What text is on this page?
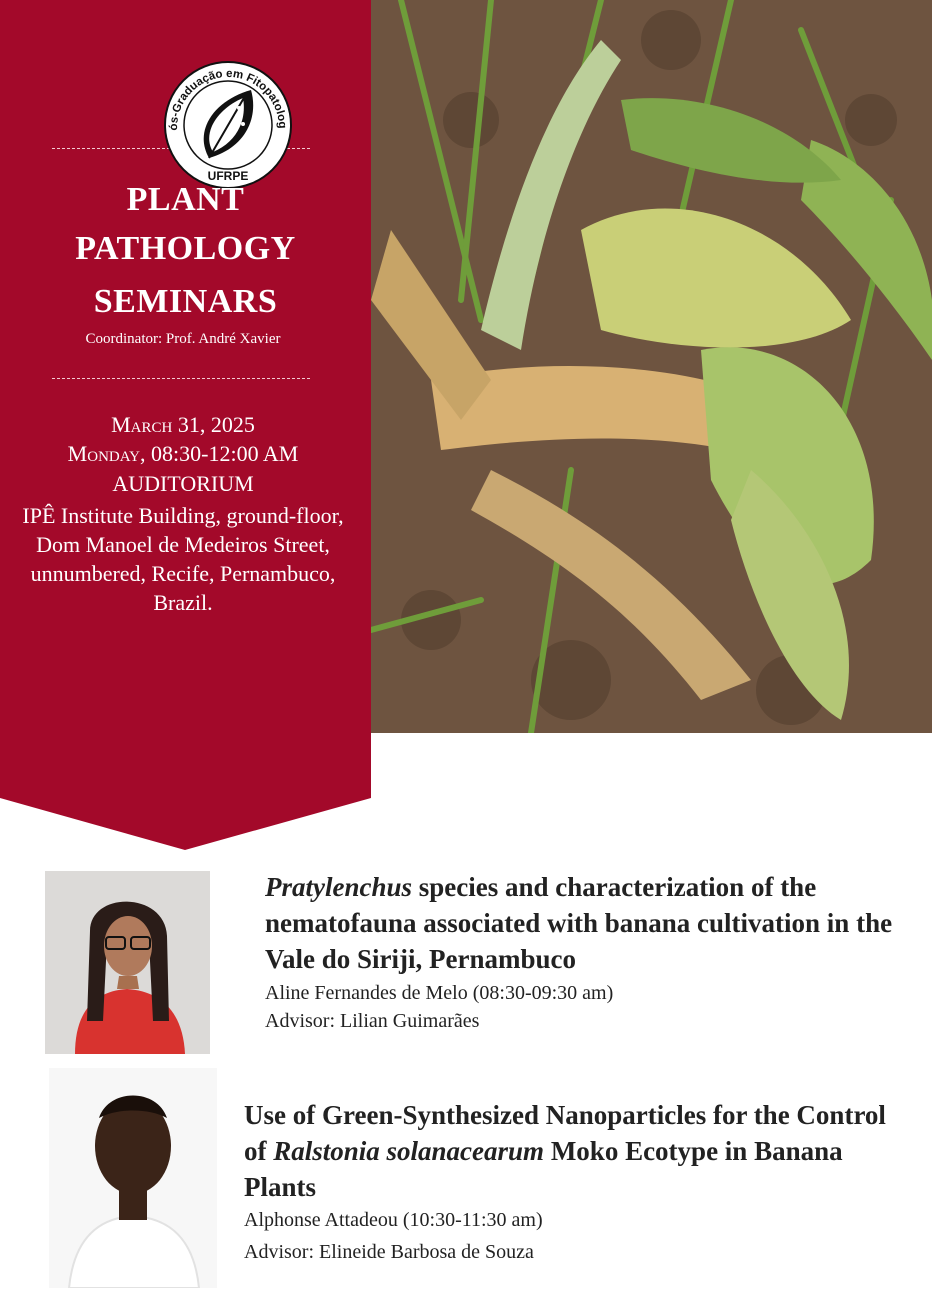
ós-Graduação em Fitopatolog
UFRPE
PLANT
PATHOLOGY
SEMINARS
Coordinator: Prof. André Xavier
March 31, 2025
Monday, 08:30-12:00 AM
AUDITORIUM
IPÊ Institute Building, ground-floor, Dom Manoel de Medeiros Street, unnumbered, Recife, Pernambuco, Brazil.
Pratylenchus species and characterization of the nematofauna associated with banana cultivation in the Vale do Siriji, Pernambuco
Aline Fernandes de Melo (08:30-09:30 am)
Advisor: Lilian Guimarães
Use of Green-Synthesized Nanoparticles for the Control of Ralstonia solanacearum Moko Ecotype in Banana Plants
Alphonse Attadeou (10:30-11:30 am)
Advisor: Elineide Barbosa de Souza
